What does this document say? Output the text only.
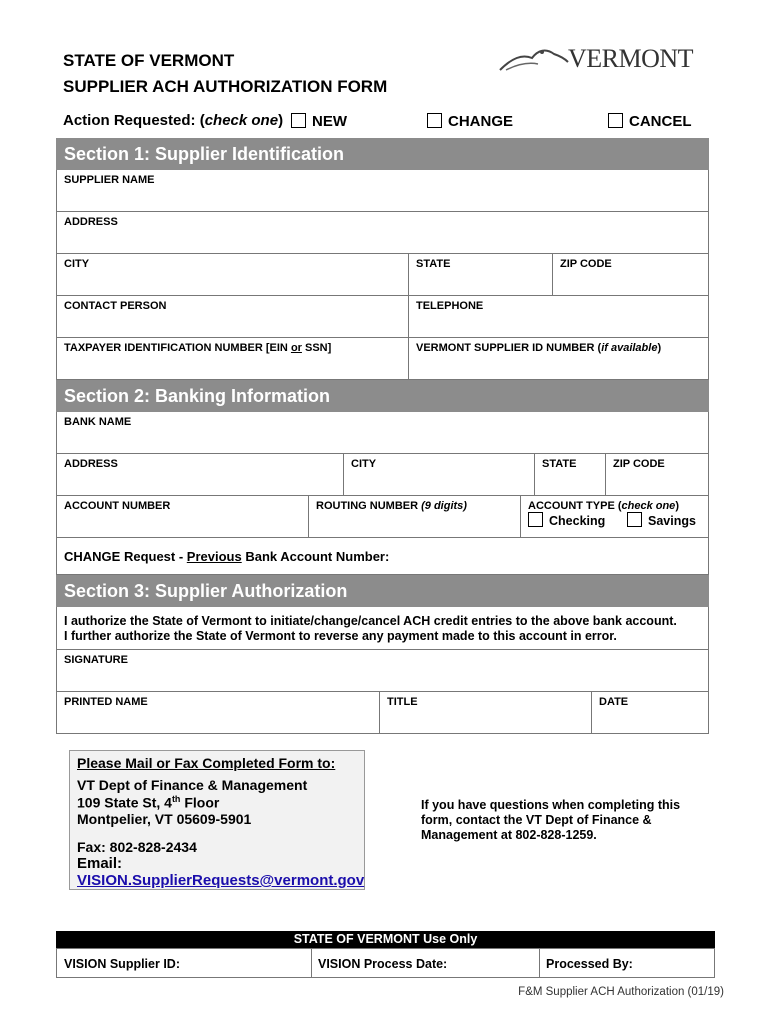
STATE OF VERMONT
SUPPLIER ACH AUTHORIZATION FORM
VERMONT
Action Requested: (check one)	NEW	CHANGE	CANCEL
Section 1: Supplier Identification
SUPPLIER NAME
ADDRESS
CITY	STATE	ZIP CODE
CONTACT PERSON	TELEPHONE
TAXPAYER IDENTIFICATION NUMBER [EIN or SSN]	VERMONT SUPPLIER ID NUMBER (if available)
Section 2: Banking Information
BANK NAME
ADDRESS	CITY	STATE	ZIP CODE
ACCOUNT NUMBER	ROUTING NUMBER (9 digits)	ACCOUNT TYPE (check one)
Checking	Savings
CHANGE Request - Previous Bank Account Number:
Section 3: Supplier Authorization
I authorize the State of Vermont to initiate/change/cancel ACH credit entries to the above bank account.
I further authorize the State of Vermont to reverse any payment made to this account in error.
SIGNATURE
PRINTED NAME	TITLE	DATE
Please Mail or Fax Completed Form to:
VT Dept of Finance & Management
109 State St, 4th Floor
Montpelier, VT 05609-5901
Fax: 802-828-2434
Email:
VISION.SupplierRequests@vermont.gov
If you have questions when completing this form, contact the VT Dept of Finance & Management at 802-828-1259.
STATE OF VERMONT Use Only
VISION Supplier ID:	VISION Process Date:	Processed By:
F&M Supplier ACH Authorization (01/19)
